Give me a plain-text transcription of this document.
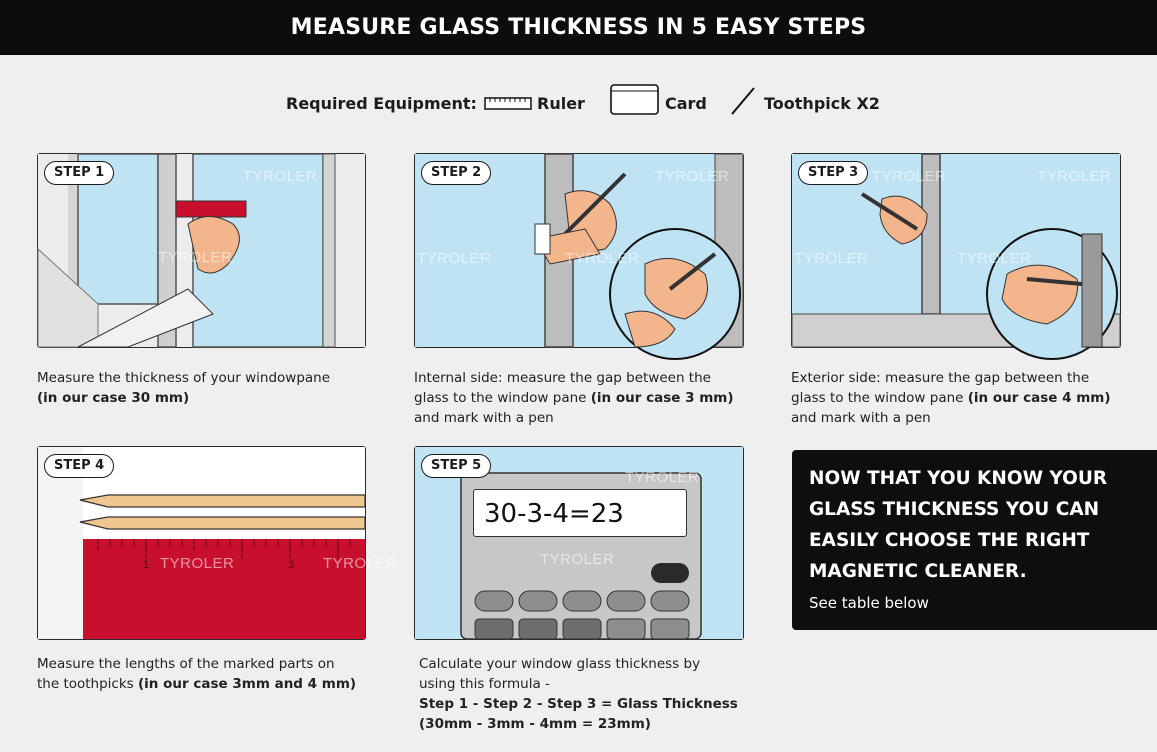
MEASURE GLASS THICKNESS IN 5 EASY STEPS
Required Equipment:	Ruler	Card	Toothpick X2
TYROLER
TYROLER
STEP 1
Measure the thickness of your windowpane
(in our case 30 mm)
TYROLER	TYROLER
TYROLER
STEP 2
Internal side: measure the gap between the
glass to the window pane (in our case 3 mm)
and mark with a pen
TYROLER	TYROLER
TYROLER	TYROLER
STEP 3
Exterior side: measure the gap between the
glass to the window pane (in our case 4 mm)
and mark with a pen
1	3
TYROLER	TYROLER
STEP 4
Measure the lengths of the marked parts on
the toothpicks (in our case 3mm and 4 mm)
30-3-4=23
TYROLER
TYROLER
STEP 5
Calculate your window glass thickness by
using this formula -
Step 1 - Step 2 - Step 3 = Glass Thickness
(30mm - 3mm - 4mm = 23mm)
NOW THAT YOU KNOW YOUR
GLASS THICKNESS YOU CAN
EASILY CHOOSE THE RIGHT
MAGNETIC CLEANER.
See table below
